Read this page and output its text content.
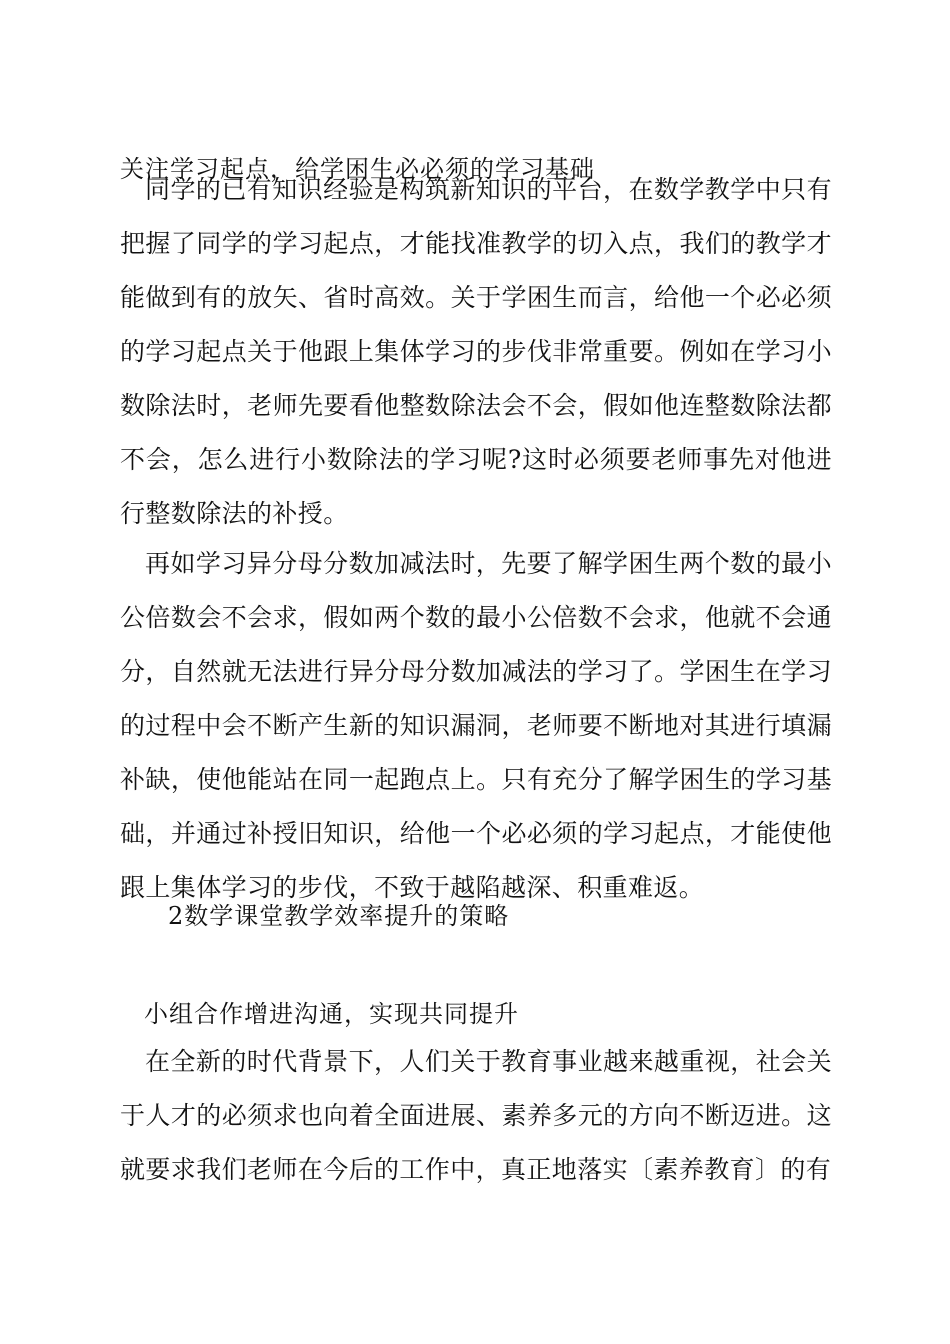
关注学习起点，给学困生必必须的学习基础

同学的已有知识经验是构筑新知识的平台，在数学教学中只有把握了同学的学习起点，才能找准教学的切入点，我们的教学才能做到有的放矢、省时高效。关于学困生而言，给他一个必必须的学习起点关于他跟上集体学习的步伐非常重要。例如在学习小数除法时，老师先要看他整数除法会不会，假如他连整数除法都不会，怎么进行小数除法的学习呢?这时必须要老师事先对他进行整数除法的补授。

再如学习异分母分数加减法时，先要了解学困生两个数的最小公倍数会不会求，假如两个数的最小公倍数不会求，他就不会通分，自然就无法进行异分母分数加减法的学习了。学困生在学习的过程中会不断产生新的知识漏洞，老师要不断地对其进行填漏补缺，使他能站在同一起跑点上。只有充分了解学困生的学习基础，并通过补授旧知识，给他一个必必须的学习起点，才能使他跟上集体学习的步伐，不致于越陷越深、积重难返。

2数学课堂教学效率提升的策略
小组合作增进沟通，实现共同提升

在全新的时代背景下，人们关于教育事业越来越重视，社会关于人才的必须求也向着全面进展、素养多元的方向不断迈进。这就要求我们老师在今后的工作中，真正地落实〔素养教育〕的有
